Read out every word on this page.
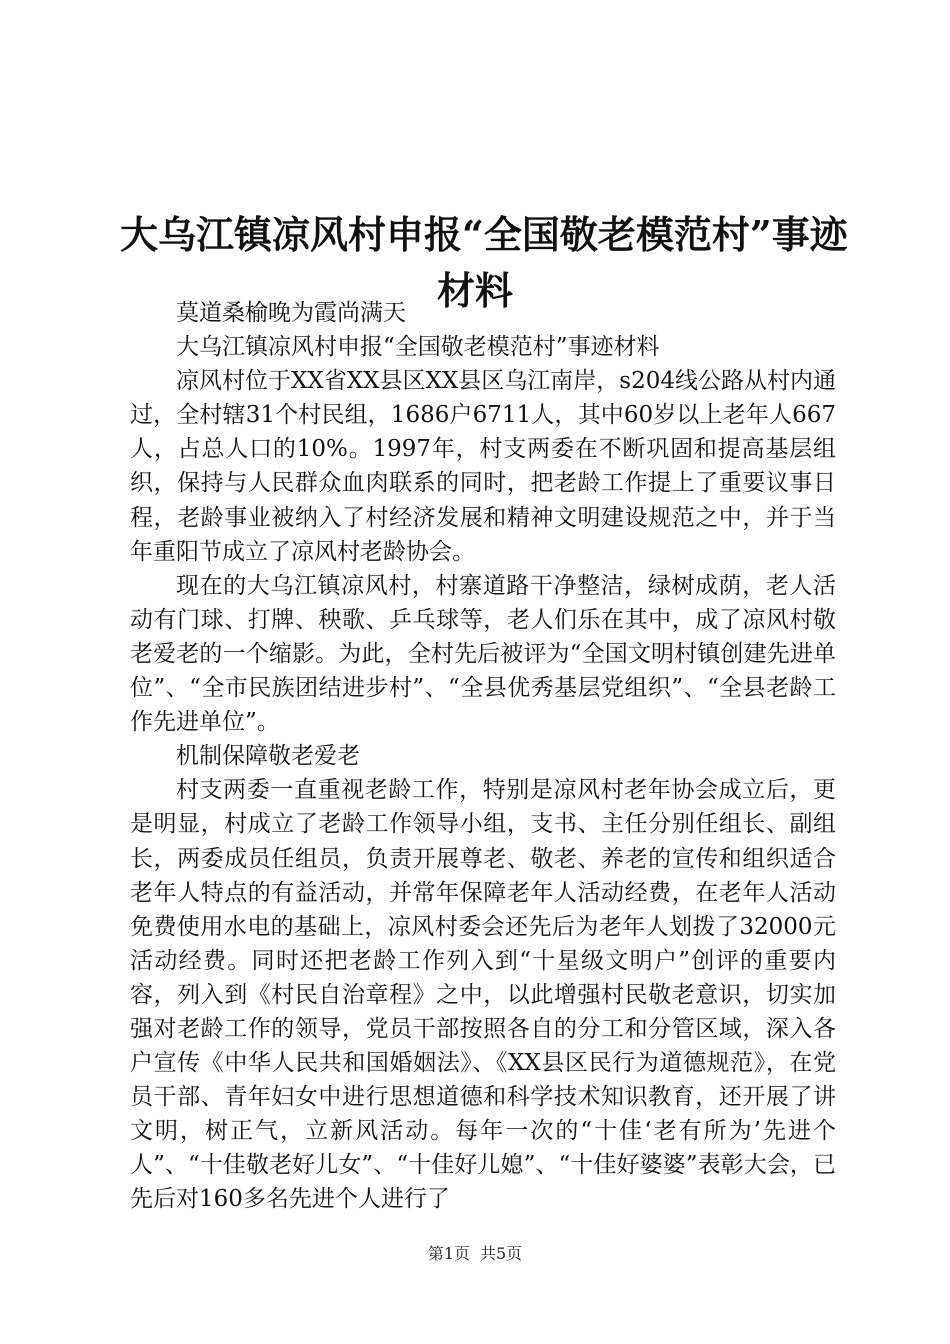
大乌江镇凉风村申报“全国敬老模范村”事迹
材料

莫道桑榆晚为霞尚满天

大乌江镇凉风村申报“全国敬老模范村”事迹材料

凉风村位于XX省XX县区XX县区乌江南岸，s204线公路从村内通过，全村辖31个村民组，1686户6711人，其中60岁以上老年人667人，占总人口的10%。1997年，村支两委在不断巩固和提高基层组织，保持与人民群众血肉联系的同时，把老龄工作提上了重要议事日程，老龄事业被纳入了村经济发展和精神文明建设规范之中，并于当年重阳节成立了凉风村老龄协会。

现在的大乌江镇凉风村，村寨道路干净整洁，绿树成荫，老人活动有门球、打牌、秧歌、乒乓球等，老人们乐在其中，成了凉风村敬老爱老的一个缩影。为此，全村先后被评为“全国文明村镇创建先进单位”、“全市民族团结进步村”、“全县优秀基层党组织”、“全县老龄工作先进单位”。

机制保障敬老爱老

村支两委一直重视老龄工作，特别是凉风村老年协会成立后，更是明显，村成立了老龄工作领导小组，支书、主任分别任组长、副组长，两委成员任组员，负责开展尊老、敬老、养老的宣传和组织适合老年人特点的有益活动，并常年保障老年人活动经费，在老年人活动免费使用水电的基础上，凉风村委会还先后为老年人划拨了32000元活动经费。同时还把老龄工作列入到“十星级文明户”创评的重要内容，列入到《村民自治章程》之中，以此增强村民敬老意识，切实加强对老龄工作的领导，党员干部按照各自的分工和分管区域，深入各户宣传《中华人民共和国婚姻法》、《XX县区民行为道德规范》，在党员干部、青年妇女中进行思想道德和科学技术知识教育，还开展了讲文明，树正气，立新风活动。每年一次的“十佳‘老有所为’先进个人”、“十佳敬老好儿女”、“十佳好儿媳”、“十佳好婆婆”表彰大会，已先后对160多名先进个人进行了

第1页 共5页
